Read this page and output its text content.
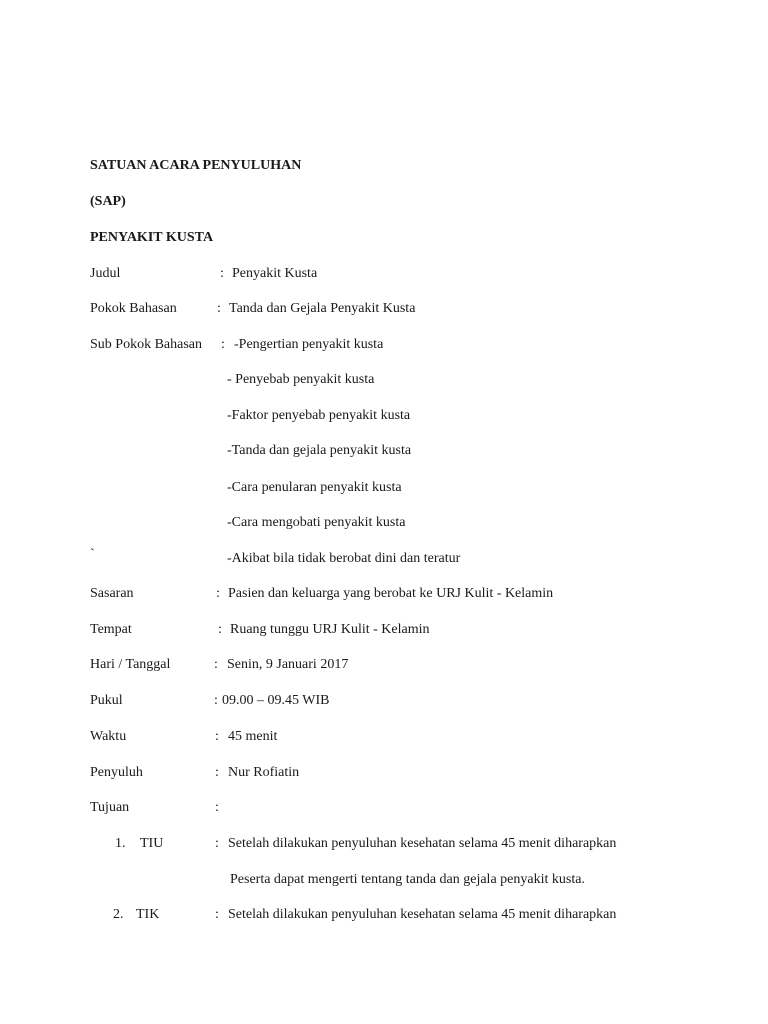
SATUAN ACARA PENYULUHAN
(SAP)
PENYAKIT KUSTA
Judul	: Penyakit Kusta
Pokok Bahasan	: Tanda dan Gejala Penyakit Kusta
Sub Pokok Bahasan : -Pengertian penyakit kusta
- Penyebab penyakit kusta
-Faktor penyebab penyakit kusta
-Tanda dan gejala penyakit kusta
-Cara penularan penyakit kusta
-Cara mengobati penyakit kusta
`	-Akibat bila tidak berobat dini dan teratur
Sasaran	: Pasien dan keluarga yang berobat ke URJ Kulit - Kelamin
Tempat	: Ruang tunggu URJ Kulit - Kelamin
Hari / Tanggal	: Senin, 9 Januari 2017
Pukul	: 09.00 – 09.45 WIB
Waktu	: 45 menit
Penyuluh	: Nur Rofiatin
Tujuan	:
1. TIU	: Setelah dilakukan penyuluhan kesehatan selama 45 menit diharapkan
Peserta dapat mengerti tentang tanda dan gejala penyakit kusta.
2. TIK	: Setelah dilakukan penyuluhan kesehatan selama 45 menit diharapkan
